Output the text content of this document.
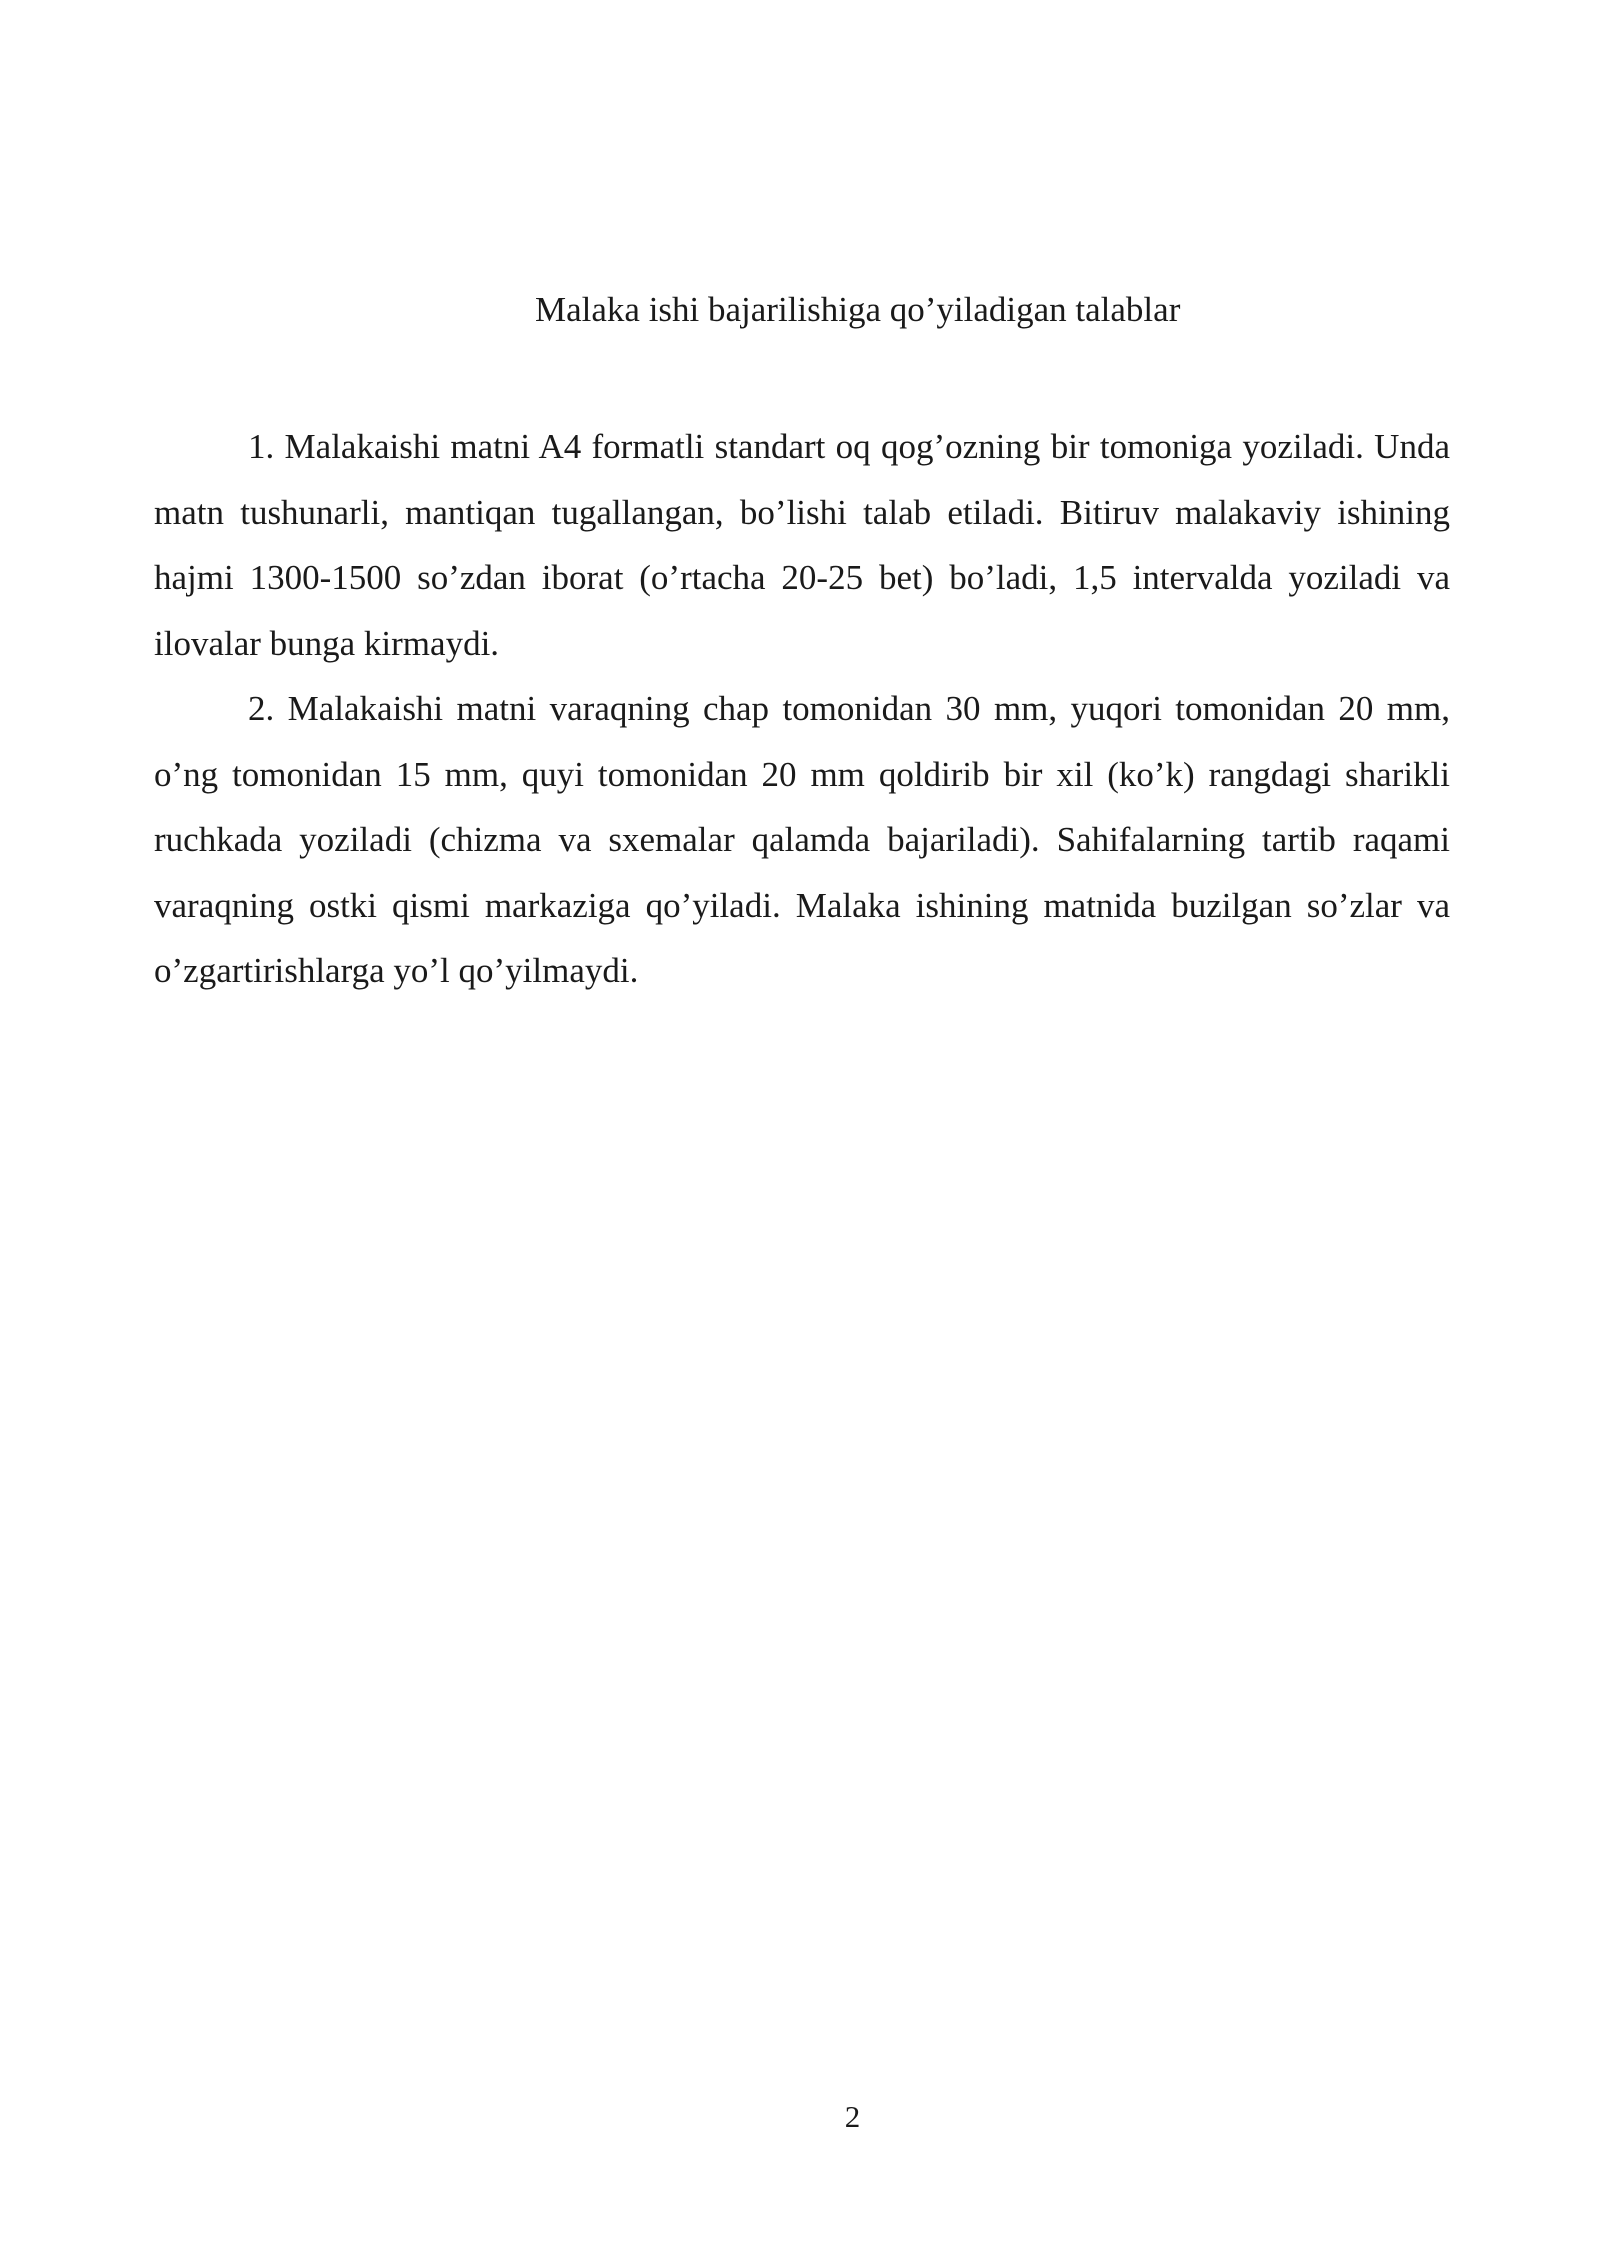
Malaka ishi bajarilishiga qo’yiladigan talablar

1. Malakaishi matni A4 formatli standart oq qog’ozning bir tomoniga yoziladi. Unda matn tushunarli, mantiqan tugallangan, bo’lishi talab etiladi. Bitiruv malakaviy ishining hajmi 1300-1500 so’zdan iborat (o’rtacha 20-25 bet) bo’ladi, 1,5 intervalda yoziladi va ilovalar bunga kirmaydi.

2. Malakaishi matni varaqning chap tomonidan 30 mm, yuqori tomonidan 20 mm, o’ng tomonidan 15 mm, quyi tomonidan 20 mm qoldirib bir xil (ko’k) rangdagi sharikli ruchkada yoziladi (chizma va sxemalar qalamda bajariladi). Sahifalarning tartib raqami varaqning ostki qismi markaziga qo’yiladi. Malaka ishining matnida buzilgan so’zlar va o’zgartirishlarga yo’l qo’yilmaydi.

2
